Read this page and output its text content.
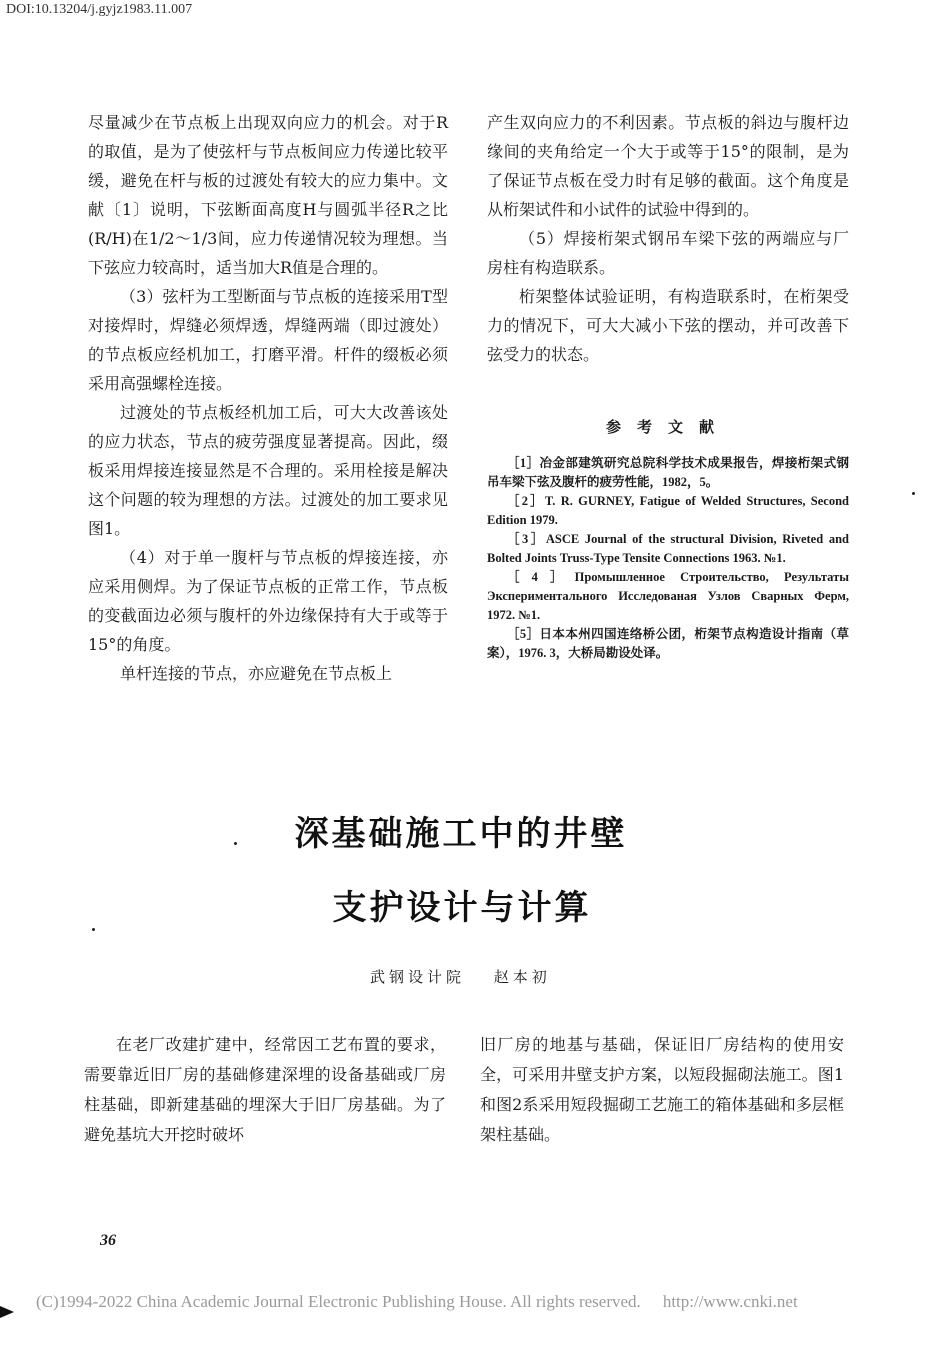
DOI:10.13204/j.gyjz1983.11.007

尽量减少在节点板上出现双向应力的机会。对于R的取值，是为了使弦杆与节点板间应力传递比较平缓，避免在杆与板的过渡处有较大的应力集中。文献〔1〕说明，下弦断面高度H与圆弧半径R之比(R/H)在1/2～1/3间，应力传递情况较为理想。当下弦应力较高时，适当加大R值是合理的。

（3）弦杆为工型断面与节点板的连接采用T型对接焊时，焊缝必须焊透，焊缝两端（即过渡处）的节点板应经机加工，打磨平滑。杆件的缀板必须采用高强螺栓连接。

过渡处的节点板经机加工后，可大大改善该处的应力状态，节点的疲劳强度显著提高。因此，缀板采用焊接连接显然是不合理的。采用栓接是解决这个问题的较为理想的方法。过渡处的加工要求见图1。

（4）对于单一腹杆与节点板的焊接连接，亦应采用侧焊。为了保证节点板的正常工作，节点板的变截面边必须与腹杆的外边缘保持有大于或等于15°的角度。

单杆连接的节点，亦应避免在节点板上

产生双向应力的不利因素。节点板的斜边与腹杆边缘间的夹角给定一个大于或等于15°的限制，是为了保证节点板在受力时有足够的截面。这个角度是从桁架试件和小试件的试验中得到的。

（5）焊接桁架式钢吊车梁下弦的两端应与厂房柱有构造联系。

桁架整体试验证明，有构造联系时，在桁架受力的情况下，可大大减小下弦的摆动，并可改善下弦受力的状态。

参考文献

［1］冶金部建筑研究总院科学技术成果报告，焊接桁架式钢吊车梁下弦及腹杆的疲劳性能，1982，5。

［2］T. R. GURNEY, Fatigue of Welded Structures, Second Edition 1979.

［3］ASCE Journal of the structural Division, Riveted and Bolted Joints Truss-Type Tensite Connections 1963. №1.

［4］Промышленное Строительство, Результаты Экспериментального Исследованая Узлов Сварных Ферм, 1972. №1.

［5］日本本州四国连络桥公团，桁架节点构造设计指南（草案），1976. 3，大桥局勘设处译。

深基础施工中的井壁
支护设计与计算
武钢设计院 赵本初

在老厂改建扩建中，经常因工艺布置的要求，需要靠近旧厂房的基础修建深埋的设备基础或厂房柱基础，即新建基础的埋深大于旧厂房基础。为了避免基坑大开挖时破坏

旧厂房的地基与基础，保证旧厂房结构的使用安全，可采用井壁支护方案，以短段掘砌法施工。图1和图2系采用短段掘砌工艺施工的箱体基础和多层框架柱基础。

36
(C)1994-2022 China Academic Journal Electronic Publishing House. All rights reserved. http://www.cnki.net
